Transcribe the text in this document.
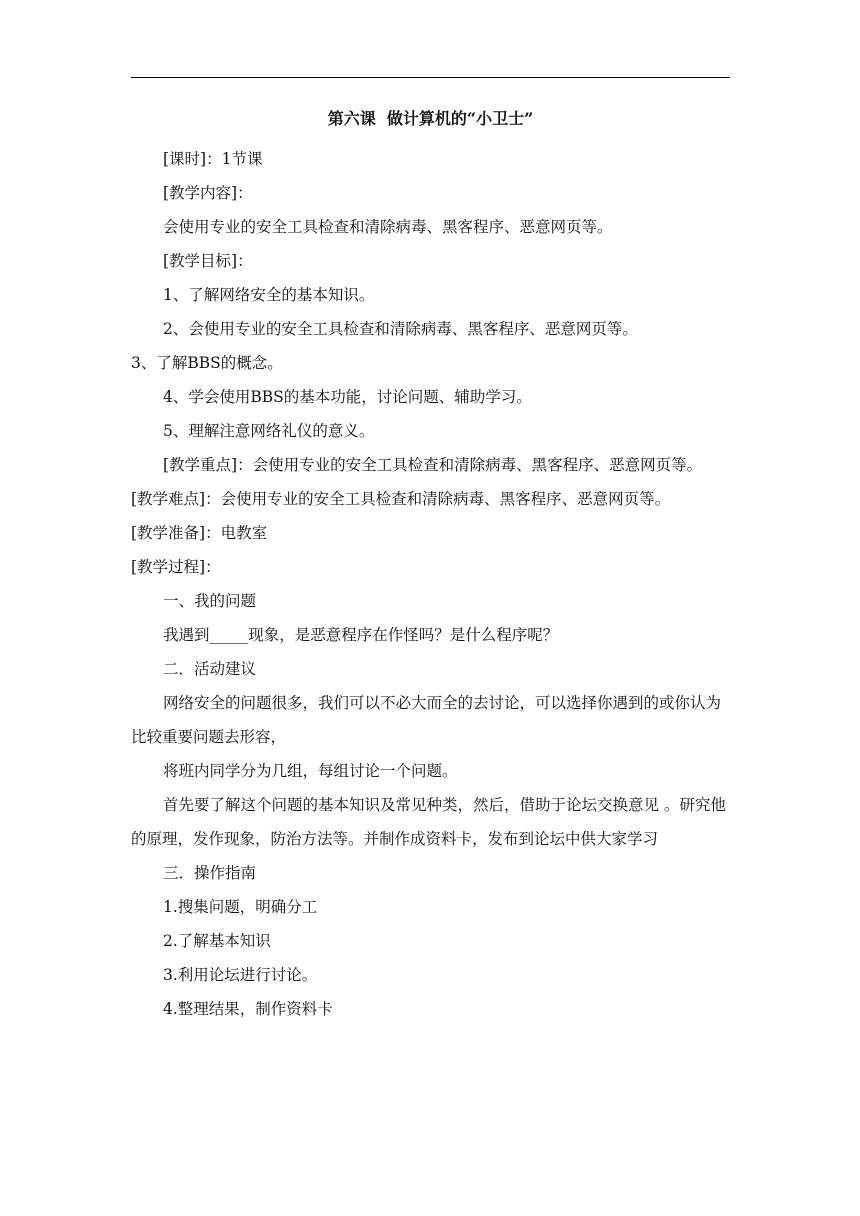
第六课  做计算机的“小卫士”

[课时]：1节课

[教学内容]：

会使用专业的安全工具检查和清除病毒、黑客程序、恶意网页等。

[教学目标]：

1、了解网络安全的基本知识。

2、会使用专业的安全工具检查和清除病毒、黑客程序、恶意网页等。

3、了解BBS的概念。

4、学会使用BBS的基本功能，讨论问题、辅助学习。

5、理解注意网络礼仪的意义。

[教学重点]：会使用专业的安全工具检查和清除病毒、黑客程序、恶意网页等。

[教学难点]：会使用专业的安全工具检查和清除病毒、黑客程序、恶意网页等。

[教学准备]：电教室

[教学过程]：

一、我的问题

我遇到_____现象，是恶意程序在作怪吗？是什么程序呢？

二．活动建议

网络安全的问题很多，我们可以不必大而全的去讨论，可以选择你遇到的或你认为比较重要问题去形容，

将班内同学分为几组，每组讨论一个问题。

首先要了解这个问题的基本知识及常见种类，然后，借助于论坛交换意见 。研究他的原理，发作现象，防治方法等。并制作成资料卡，发布到论坛中供大家学习

三．操作指南

1.搜集问题，明确分工

2.了解基本知识

3.利用论坛进行讨论。

4.整理结果，制作资料卡
